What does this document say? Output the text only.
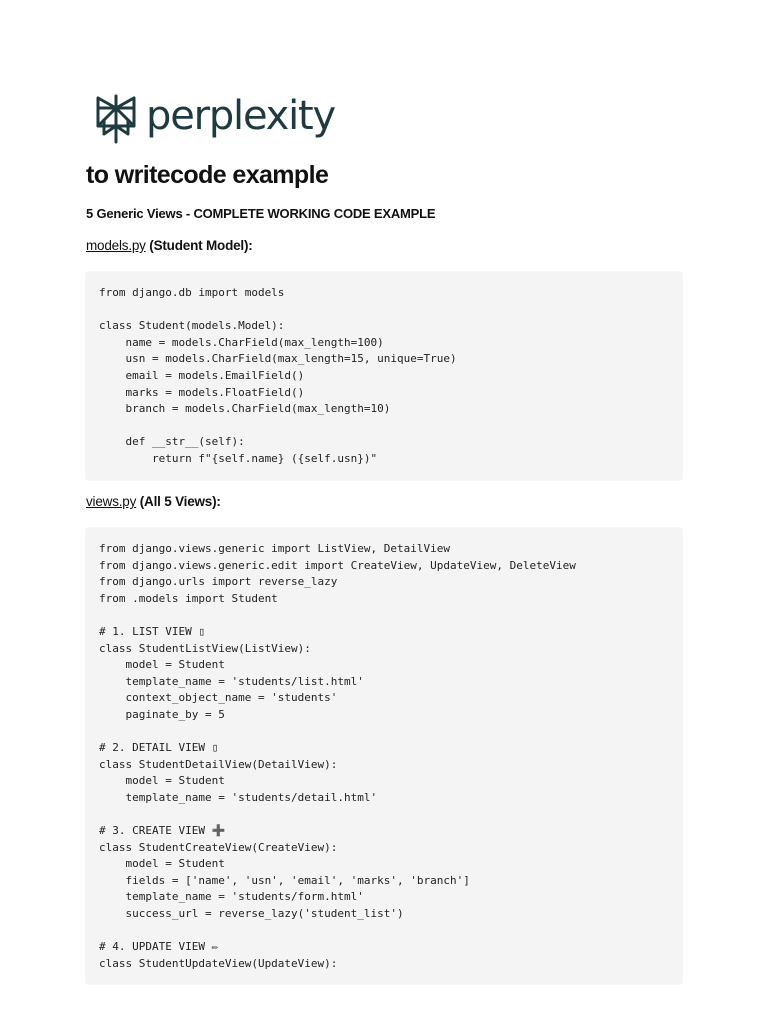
perplexity
to writecode example

5 Generic Views - COMPLETE WORKING CODE EXAMPLE

models.py (Student Model):

from django.db import models

class Student(models.Model):
name = models.CharField(max_length=100)
usn = models.CharField(max_length=15, unique=True)
email = models.EmailField()
marks = models.FloatField()
branch = models.CharField(max_length=10)

def __str__(self):
return f"{self.name} ({self.usn})"

views.py (All 5 Views):

from django.views.generic import ListView, DetailView
from django.views.generic.edit import CreateView, UpdateView, DeleteView
from django.urls import reverse_lazy
from .models import Student

# 1. LIST VIEW ▯
class StudentListView(ListView):
model = Student
template_name = 'students/list.html'
context_object_name = 'students'
paginate_by = 5

# 2. DETAIL VIEW ▯
class StudentDetailView(DetailView):
model = Student
template_name = 'students/detail.html'

# 3. CREATE VIEW ➕
class StudentCreateView(CreateView):
model = Student
fields = ['name', 'usn', 'email', 'marks', 'branch']
template_name = 'students/form.html'
success_url = reverse_lazy('student_list')

# 4. UPDATE VIEW ✏
class StudentUpdateView(UpdateView):
